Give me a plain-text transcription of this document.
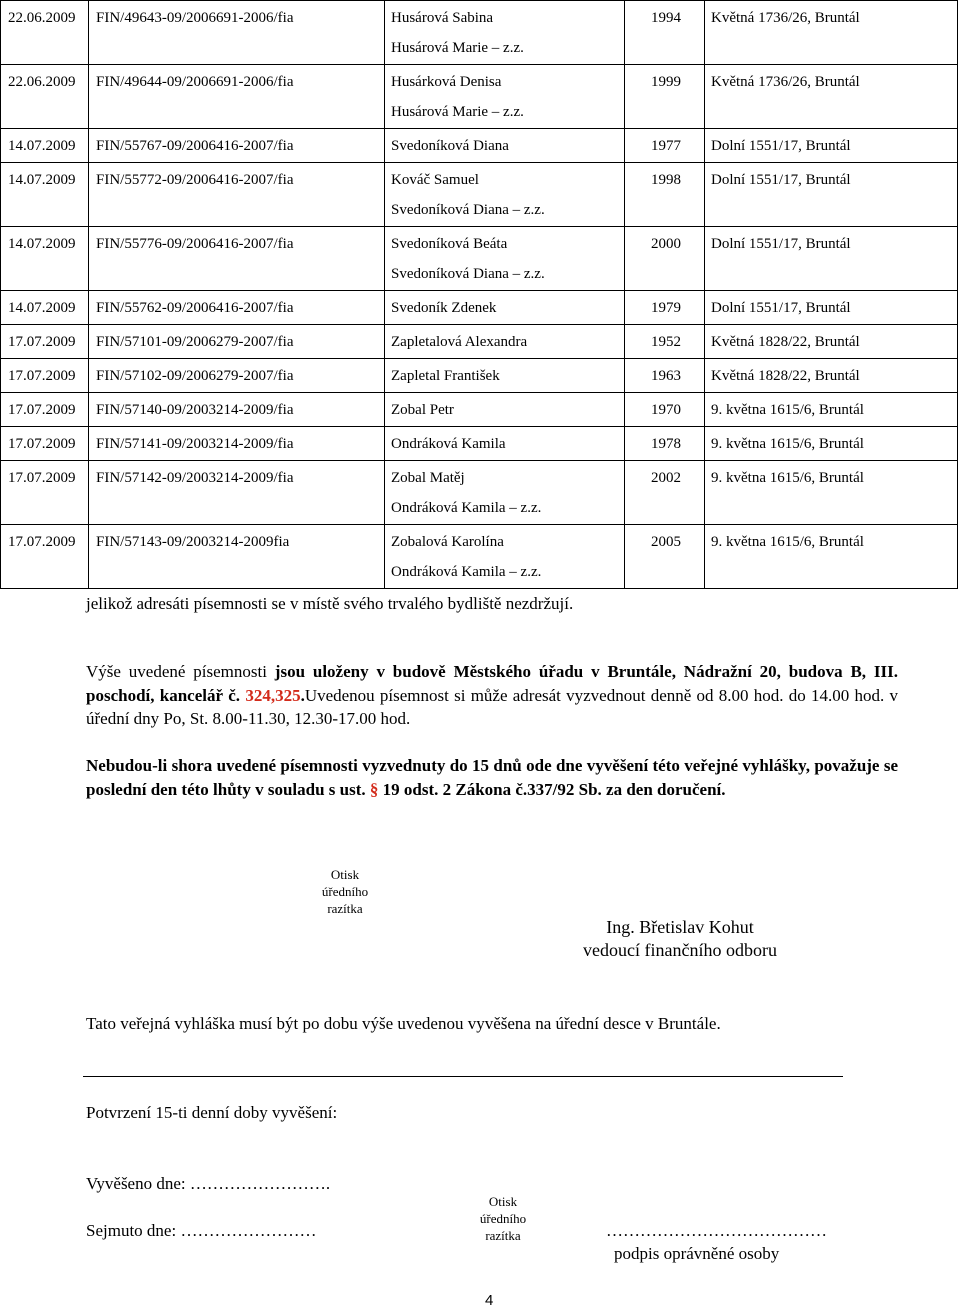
22.06.2009	FIN/49643-09/2006691-2006/fia	Husárová Sabina
Husárová Marie – z.z.	1994	Květná 1736/26, Bruntál

22.06.2009	FIN/49644-09/2006691-2006/fia	Husárková Denisa
Husárová Marie – z.z.	1999	Květná 1736/26, Bruntál

14.07.2009	FIN/55767-09/2006416-2007/fia	Svedoníková Diana	1977	Dolní 1551/17, Bruntál

14.07.2009	FIN/55772-09/2006416-2007/fia	Kováč Samuel
Svedoníková Diana – z.z.	1998	Dolní 1551/17, Bruntál

14.07.2009	FIN/55776-09/2006416-2007/fia	Svedoníková Beáta
Svedoníková Diana – z.z.	2000	Dolní 1551/17, Bruntál

14.07.2009	FIN/55762-09/2006416-2007/fia	Svedoník Zdenek	1979	Dolní 1551/17, Bruntál

17.07.2009	FIN/57101-09/2006279-2007/fia	Zapletalová Alexandra	1952	Květná 1828/22, Bruntál

17.07.2009	FIN/57102-09/2006279-2007/fia	Zapletal František	1963	Květná 1828/22, Bruntál

17.07.2009	FIN/57140-09/2003214-2009/fia	Zobal Petr	1970	9. května 1615/6, Bruntál

17.07.2009	FIN/57141-09/2003214-2009/fia	Ondráková Kamila	1978	9. května 1615/6, Bruntál

17.07.2009	FIN/57142-09/2003214-2009/fia	Zobal Matěj
Ondráková Kamila – z.z.	2002	9. května 1615/6, Bruntál

17.07.2009	FIN/57143-09/2003214-2009fia	Zobalová Karolína
Ondráková Kamila – z.z.	2005	9. května 1615/6, Bruntál
jelikož adresáti písemnosti se v místě svého trvalého bydliště nezdržují.
Výše uvedené písemnosti jsou uloženy v budově Městského úřadu v Bruntále, Nádražní 20, budova B, III. poschodí, kancelář č. 324,325.Uvedenou písemnost si může adresát vyzvednout denně od 8.00 hod. do 14.00 hod. v úřední dny Po, St. 8.00-11.30, 12.30-17.00 hod.
Nebudou-li shora uvedené písemnosti vyzvednuty do 15 dnů ode dne vyvěšení této veřejné vyhlášky, považuje se poslední den této lhůty v souladu s ust. § 19 odst. 2 Zákona č.337/92 Sb. za den doručení.
Otisk
úředního
razítka
Ing. Břetislav Kohut
vedoucí finančního odboru
Tato veřejná vyhláška musí být po dobu výše uvedenou vyvěšena na úřední desce v Bruntále.
Potvrzení 15-ti denní doby vyvěšení:
Vyvěšeno dne: …………………….
Sejmuto dne: ……………………
Otisk
úředního
razítka	…………………………………
podpis oprávněné osoby
4
